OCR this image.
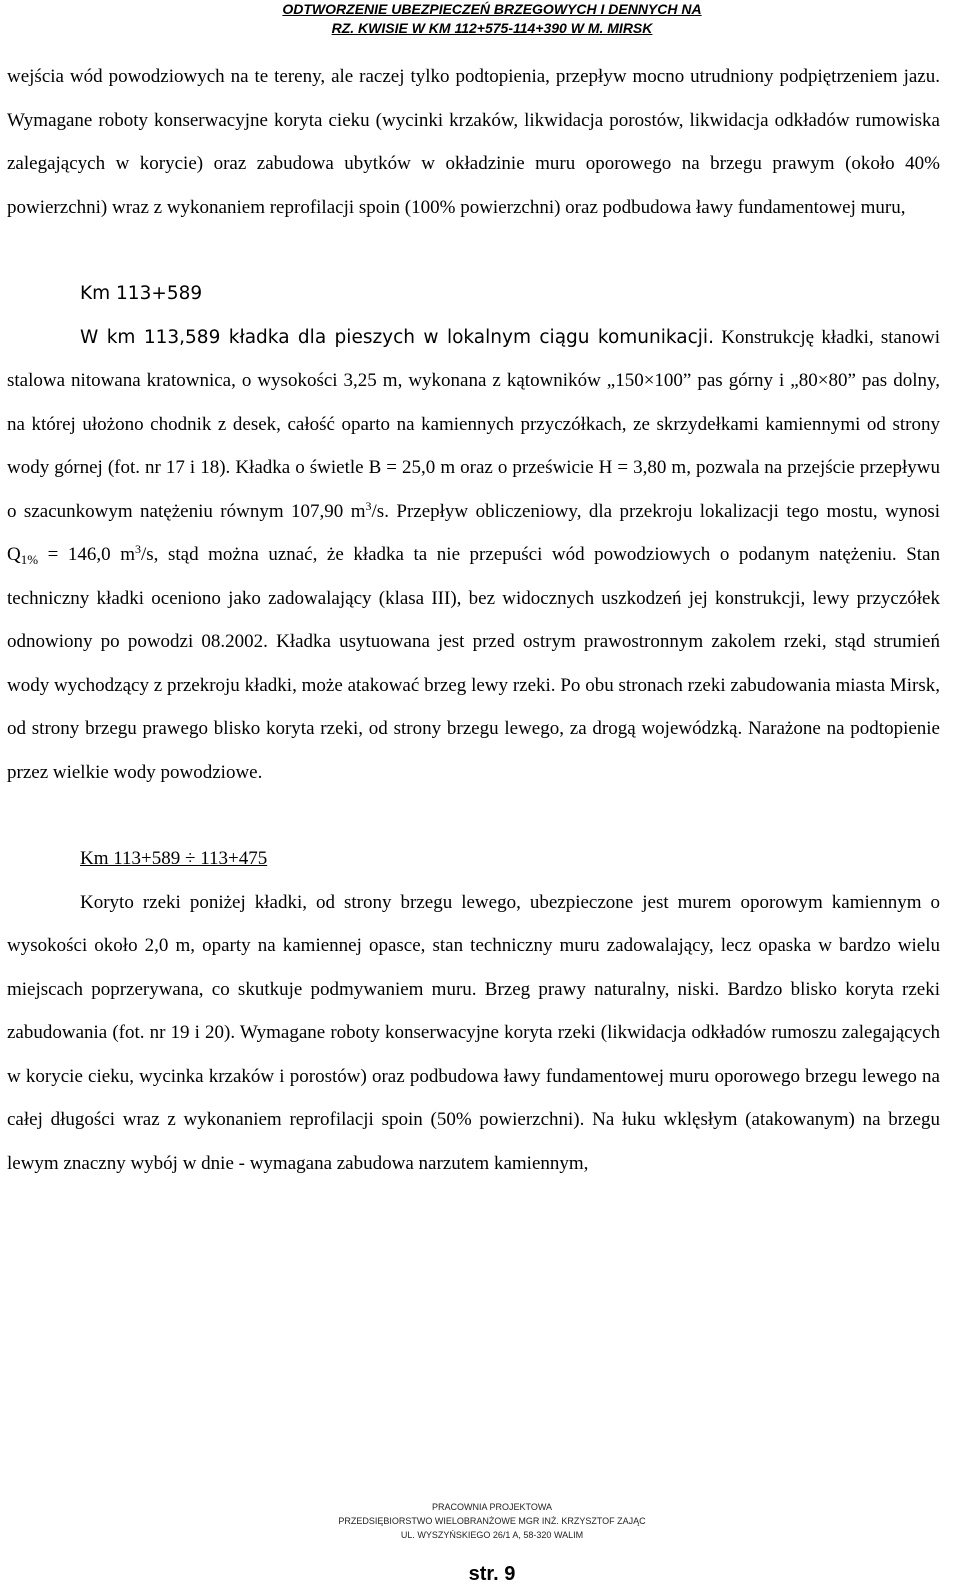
ODTWORZENIE UBEZPIECZEŃ BRZEGOWYCH I DENNYCH NA
RZ. KWISIE W KM 112+575-114+390 W M. MIRSK

wejścia wód powodziowych na te tereny, ale raczej tylko podtopienia, przepływ mocno utrudniony podpiętrzeniem jazu. Wymagane roboty konserwacyjne koryta cieku (wycinki krzaków, likwidacja porostów, likwidacja odkładów rumowiska zalegających w korycie) oraz zabudowa ubytków w okładzinie muru oporowego na brzegu prawym (około 40% powierzchni) wraz z wykonaniem reprofilacji spoin (100% powierzchni) oraz podbudowa ławy fundamentowej muru,

Km 113+589

W km 113,589 kładka dla pieszych w lokalnym ciągu komunikacji. Konstrukcję kładki, stanowi stalowa nitowana kratownica, o wysokości 3,25 m, wykonana z kątowników „150×100” pas górny i „80×80” pas dolny, na której ułożono chodnik z desek, całość oparto na kamiennych przyczółkach, ze skrzydełkami kamiennymi od strony wody górnej (fot. nr 17 i 18). Kładka o świetle B = 25,0 m oraz o prześwicie H = 3,80 m, pozwala na przejście przepływu o szacunkowym natężeniu równym 107,90 $m^3/s$. Przepływ obliczeniowy, dla przekroju lokalizacji tego mostu, wynosi $Q_{1\%} = 146,0$ $m^3/s$, stąd można uznać, że kładka ta nie przepuści wód powodziowych o podanym natężeniu. Stan techniczny kładki oceniono jako zadowalający (klasa III), bez widocznych uszkodzeń jej konstrukcji, lewy przyczółek odnowiony po powodzi 08.2002. Kładka usytuowana jest przed ostrym prawostronnym zakolem rzeki, stąd strumień wody wychodzący z przekroju kładki, może atakować brzeg lewy rzeki. Po obu stronach rzeki zabudowania miasta Mirsk, od strony brzegu prawego blisko koryta rzeki, od strony brzegu lewego, za drogą wojewódzką. Narażone na podtopienie przez wielkie wody powodziowe.

Km 113+589 ÷ 113+475

Koryto rzeki poniżej kładki, od strony brzegu lewego, ubezpieczone jest murem oporowym kamiennym o wysokości około 2,0 m, oparty na kamiennej opasce, stan techniczny muru zadowalający, lecz opaska w bardzo wielu miejscach poprzerywana, co skutkuje podmywaniem muru. Brzeg prawy naturalny, niski. Bardzo blisko koryta rzeki zabudowania (fot. nr 19 i 20). Wymagane roboty konserwacyjne koryta rzeki (likwidacja odkładów rumoszu zalegających w korycie cieku, wycinka krzaków i porostów) oraz podbudowa ławy fundamentowej muru oporowego brzegu lewego na całej długości wraz z wykonaniem reprofilacji spoin (50% powierzchni). Na łuku wklęsłym (atakowanym) na brzegu lewym znaczny wybój w dnie - wymagana zabudowa narzutem kamiennym,

PRACOWNIA PROJEKTOWA
PRZEDSIĘBIORSTWO WIELOBRANŻOWE MGR INŻ. KRZYSZTOF ZAJĄC
UL. WYSZYŃSKIEGO 26/1 A, 58-320 WALIM
str. 9
